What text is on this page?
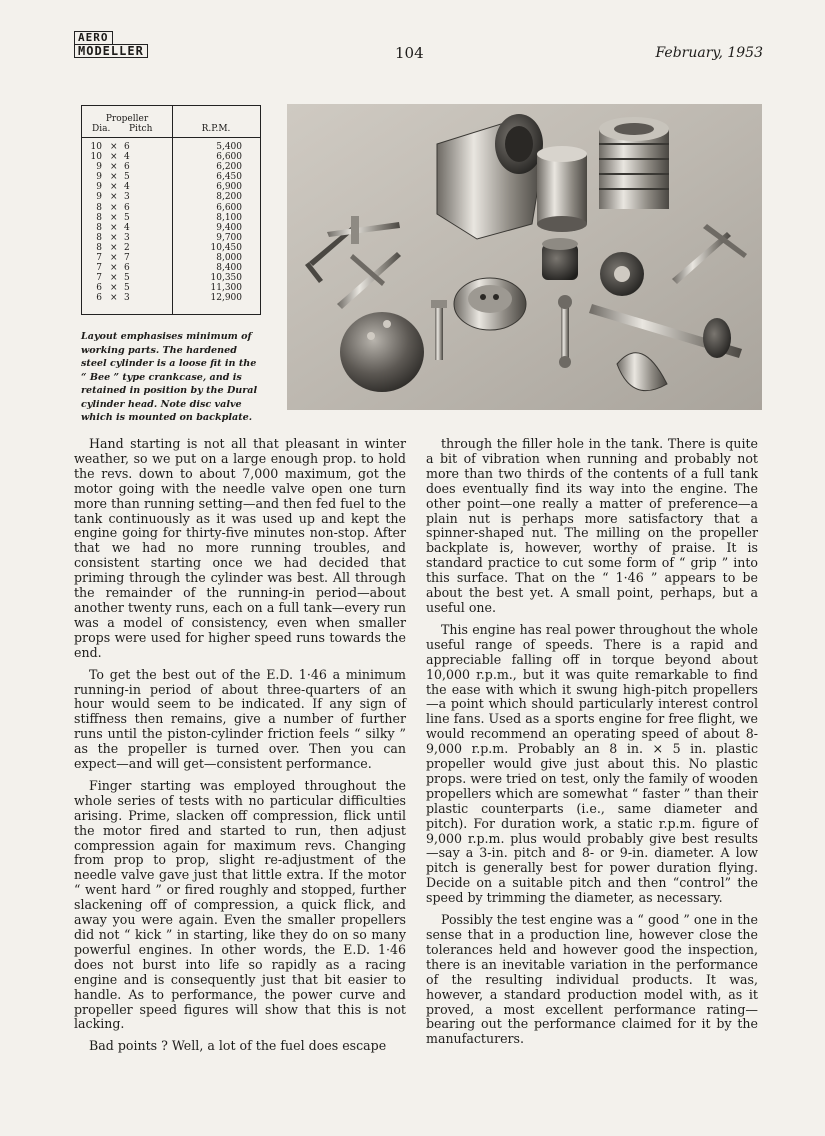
AERO
MODELLER	104	February, 1953
Propeller
Dia. Pitch	R.P.M.
10 × 6	5,400
10 × 4	6,600
9 × 6	6,200
9 × 5	6,450
9 × 4	6,900
9 × 3	8,200
8 × 6	6,600
8 × 5	8,100
8 × 4	9,400
8 × 3	9,700
8 × 2	10,450
7 × 7	8,000
7 × 6	8,400
7 × 5	10,350
6 × 5	11,300
6 × 3	12,900
Layout emphasises minimum of working parts. The hardened steel cylinder is a loose fit in the “ Bee ” type crankcase, and is retained in position by the Dural cylinder head. Note disc valve which is mounted on backplate.

Hand starting is not all that pleasant in winter weather, so we put on a large enough prop. to hold the revs. down to about 7,000 maximum, got the motor going with the needle valve open one turn more than running setting—and then fed fuel to the tank continuously as it was used up and kept the engine going for thirty-five minutes non-stop. After that we had no more running troubles, and consistent starting once we had decided that priming through the cylinder was best. All through the remainder of the running-in period—about another twenty runs, each on a full tank—every run was a model of consistency, even when smaller props were used for higher speed runs towards the end.

To get the best out of the E.D. 1·46 a minimum running-in period of about three-quarters of an hour would seem to be indicated. If any sign of stiffness then remains, give a number of further runs until the piston-cylinder friction feels “ silky ” as the propeller is turned over. Then you can expect—and will get—consistent performance.

Finger starting was employed throughout the whole series of tests with no particular difficulties arising. Prime, slacken off compression, flick until the motor fired and started to run, then adjust compression again for maximum revs. Changing from prop to prop, slight re-adjustment of the needle valve gave just that little extra. If the motor “ went hard ” or fired roughly and stopped, further slackening off of compression, a quick flick, and away you were again. Even the smaller propellers did not “ kick ” in starting, like they do on so many powerful engines. In other words, the E.D. 1·46 does not burst into life so rapidly as a racing engine and is consequently just that bit easier to handle. As to performance, the power curve and propeller speed figures will show that this is not lacking.

Bad points ? Well, a lot of the fuel does escape

through the filler hole in the tank. There is quite a bit of vibration when running and probably not more than two thirds of the contents of a full tank does eventually find its way into the engine. The other point—one really a matter of preference—a plain nut is perhaps more satisfactory that a spinner-shaped nut. The milling on the propeller backplate is, however, worthy of praise. It is standard practice to cut some form of “ grip ” into this surface. That on the “ 1·46 ” appears to be about the best yet. A small point, perhaps, but a useful one.

This engine has real power throughout the whole useful range of speeds. There is a rapid and appreciable falling off in torque beyond about 10,000 r.p.m., but it was quite remarkable to find the ease with which it swung high-pitch propellers—a point which should particularly interest control line fans. Used as a sports engine for free flight, we would recommend an operating speed of about 8-9,000 r.p.m. Probably an 8 in. × 5 in. plastic propeller would give just about this. No plastic props. were tried on test, only the family of wooden propellers which are somewhat “ faster ” than their plastic counterparts (i.e., same diameter and pitch). For duration work, a static r.p.m. figure of 9,000 r.p.m. plus would probably give best results—say a 3-in. pitch and 8- or 9-in. diameter. A low pitch is generally best for power duration flying. Decide on a suitable pitch and then “control” the speed by trimming the diameter, as necessary.

Possibly the test engine was a “ good ” one in the sense that in a production line, however close the tolerances held and however good the inspection, there is an inevitable variation in the performance of the resulting individual products. It was, however, a standard production model with, as it proved, a most excellent performance rating—bearing out the performance claimed for it by the manufacturers.
